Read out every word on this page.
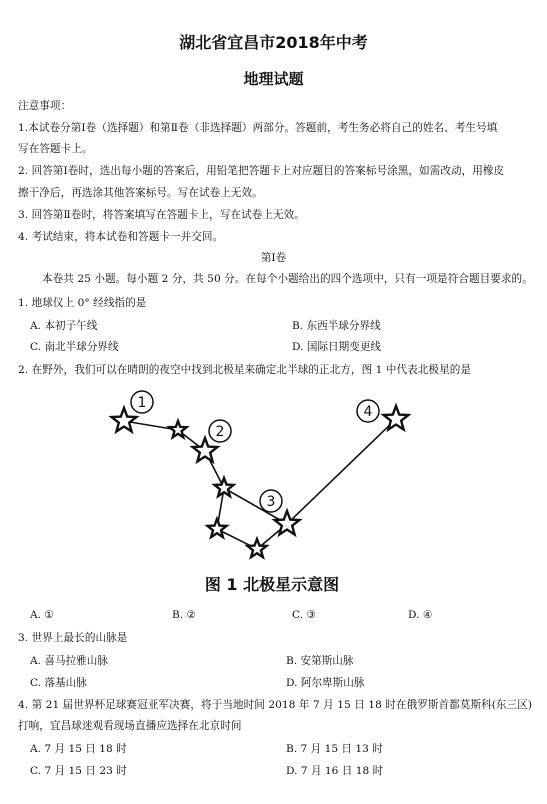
湖北省宜昌市2018年中考
地理试题
注意事项：
1.本试卷分第Ⅰ卷（选择题）和第Ⅱ卷（非选择题）两部分。答题前，考生务必将自己的姓名、考生号填
写在答题卡上。
2. 回答第Ⅰ卷时，选出每小题的答案后，用铅笔把答题卡上对应题目的答案标号涂黑，如需改动，用橡皮
擦干净后，再选涂其他答案标号。写在试卷上无效。
3. 回答第Ⅱ卷时，将答案填写在答题卡上，写在试卷上无效。
4. 考试结束，将本试卷和答题卡一并交回。
第Ⅰ卷
本卷共 25 小题。每小题 2 分，共 50 分。在每个小题给出的四个选项中，只有一项是符合题目要求的。
1. 地球仪上 0° 经线指的是
A. 本初子午线	B. 东西半球分界线
C. 南北半球分界线	D. 国际日期变更线
2. 在野外，我们可以在晴朗的夜空中找到北极星来确定北半球的正北方，图 1 中代表北极星的是
1
2
3
4
图 1 北极星示意图
A. ①	B. ②	C. ③	D. ④
3. 世界上最长的山脉是
A. 喜马拉雅山脉	B. 安第斯山脉
C. 落基山脉	D. 阿尔卑斯山脉
4. 第 21 届世界杯足球赛冠亚军决赛，将于当地时间 2018 年 7 月 15 日 18 时在俄罗斯首都莫斯科(东三区)
打响，宜昌球迷观看现场直播应选择在北京时间
A. 7 月 15 日 18 时	B. 7 月 15 日 13 时
C. 7 月 15 日 23 时	D. 7 月 16 日 18 时
